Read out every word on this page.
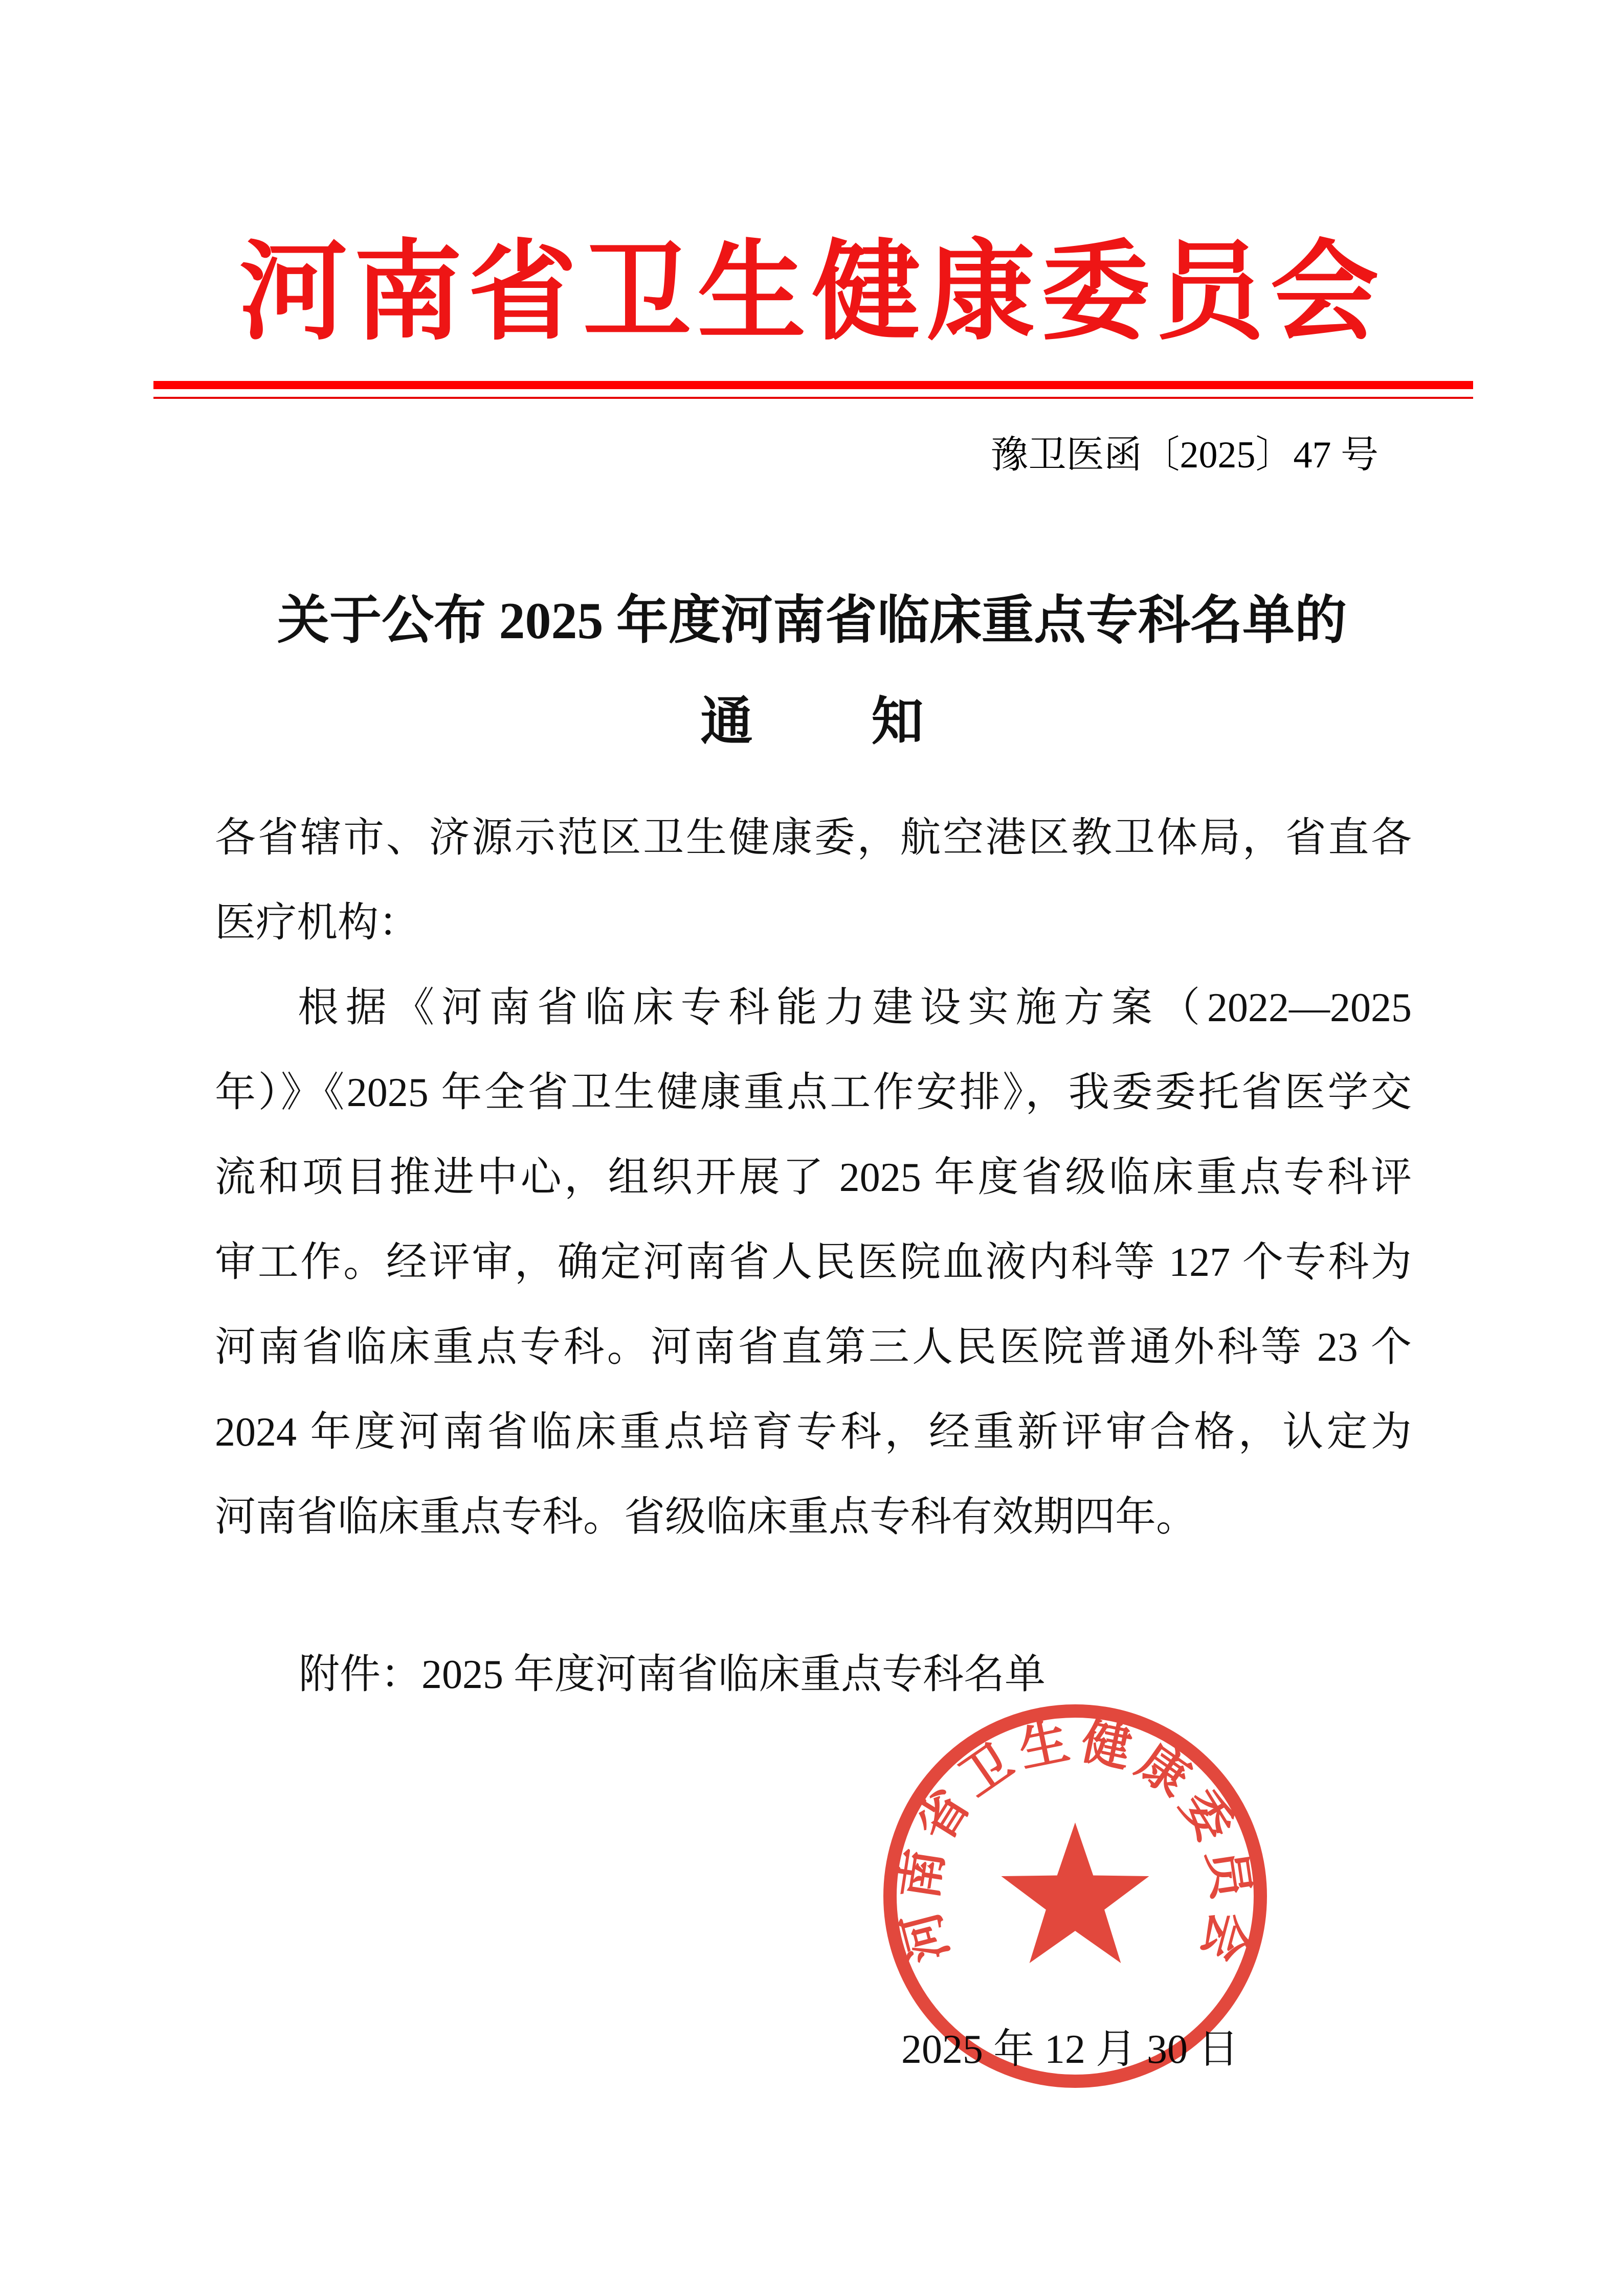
河南省卫生健康委员会
豫卫医函〔2025〕47 号
关于公布 2025 年度河南省临床重点专科名单的
通 知
各省辖市、济源示范区卫生健康委，航空港区教卫体局，省直各
医疗机构：
根据《河南省临床专科能力建设实施方案（2022—2025
年）》《2025 年全省卫生健康重点工作安排》，我委委托省医学交
流和项目推进中心，组织开展了 2025 年度省级临床重点专科评
审工作。经评审，确定河南省人民医院血液内科等 127 个专科为
河南省临床重点专科。河南省直第三人民医院普通外科等 23 个
2024 年度河南省临床重点培育专科，经重新评审合格，认定为
河南省临床重点专科。省级临床重点专科有效期四年。
附件：2025 年度河南省临床重点专科名单
2025 年 12 月 30 日
河南省卫生健康委员会
